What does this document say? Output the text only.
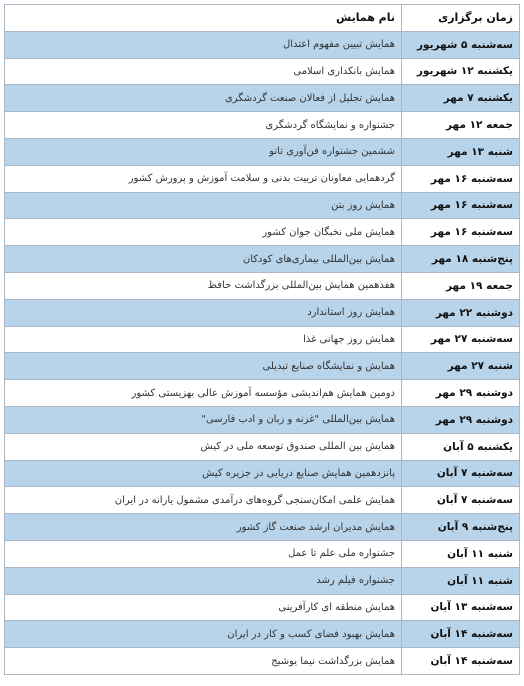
زمان برگزاری	نام همایش
سه‌شنبه ۵ شهریور	همایش تبیین مفهوم اعتدال
یکشنبه ۱۲ شهریور	همایش بانکداری اسلامی
یکشنبه ۷ مهر	همایش تجلیل از فعالان صنعت گردشگری
جمعه ۱۲ مهر	جشنواره و نمایشگاه گردشگری
شنبه ۱۳ مهر	ششمین جشنواره فن‌آوری تاتو
سه‌شنبه ۱۶ مهر	گردهمایی معاونان تربیت بدنی و سلامت آموزش و پرورش کشور
سه‌شنبه ۱۶ مهر	همایش روز بتن
سه‌شنبه ۱۶ مهر	همایش ملی نخبگان جوان کشور
پنج‌شنبه ۱۸ مهر	همایش بین‌المللی بیماری‌های کودکان
جمعه ۱۹ مهر	هفدهمین همایش بین‌المللی بزرگداشت حافظ
دوشنبه ۲۲ مهر	همایش روز استاندارد
سه‌شنبه ۲۷ مهر	همایش روز جهانی غذا
شنبه ۲۷ مهر	همایش و نمایشگاه صنایع تبدیلی
دوشنبه ۲۹ مهر	دومین همایش هم‌اندیشی مؤسسه آموزش عالی بهزیستی کشور
دوشنبه ۲۹ مهر	همایش بین‌المللی "غزنه و زبان و ادب فارسی"
یکشنبه ۵ آبان	همایش بین المللی صندوق توسعه ملی در کیش
سه‌شنبه ۷ آبان	پانزدهمین همایش صنایع دریایی در جزیره کیش
سه‌شنبه ۷ آبان	همایش علمی امکان‌سنجی گروه‌های درآمدی مشمول یارانه در ایران
پنج‌شنبه ۹ آبان	همایش مدیران ارشد صنعت گاز کشور
شنبه ۱۱ آبان	جشنواره ملی علم تا عمل
شنبه ۱۱ آبان	جشنواره فیلم رشد
سه‌شنبه ۱۳ آبان	همایش منطقه ای کارآفرینی
سه‌شنبه ۱۴ آبان	همایش بهبود فضای کسب و کار در ایران
سه‌شنبه ۱۴ آبان	همایش بزرگداشت نیما یوشیج
